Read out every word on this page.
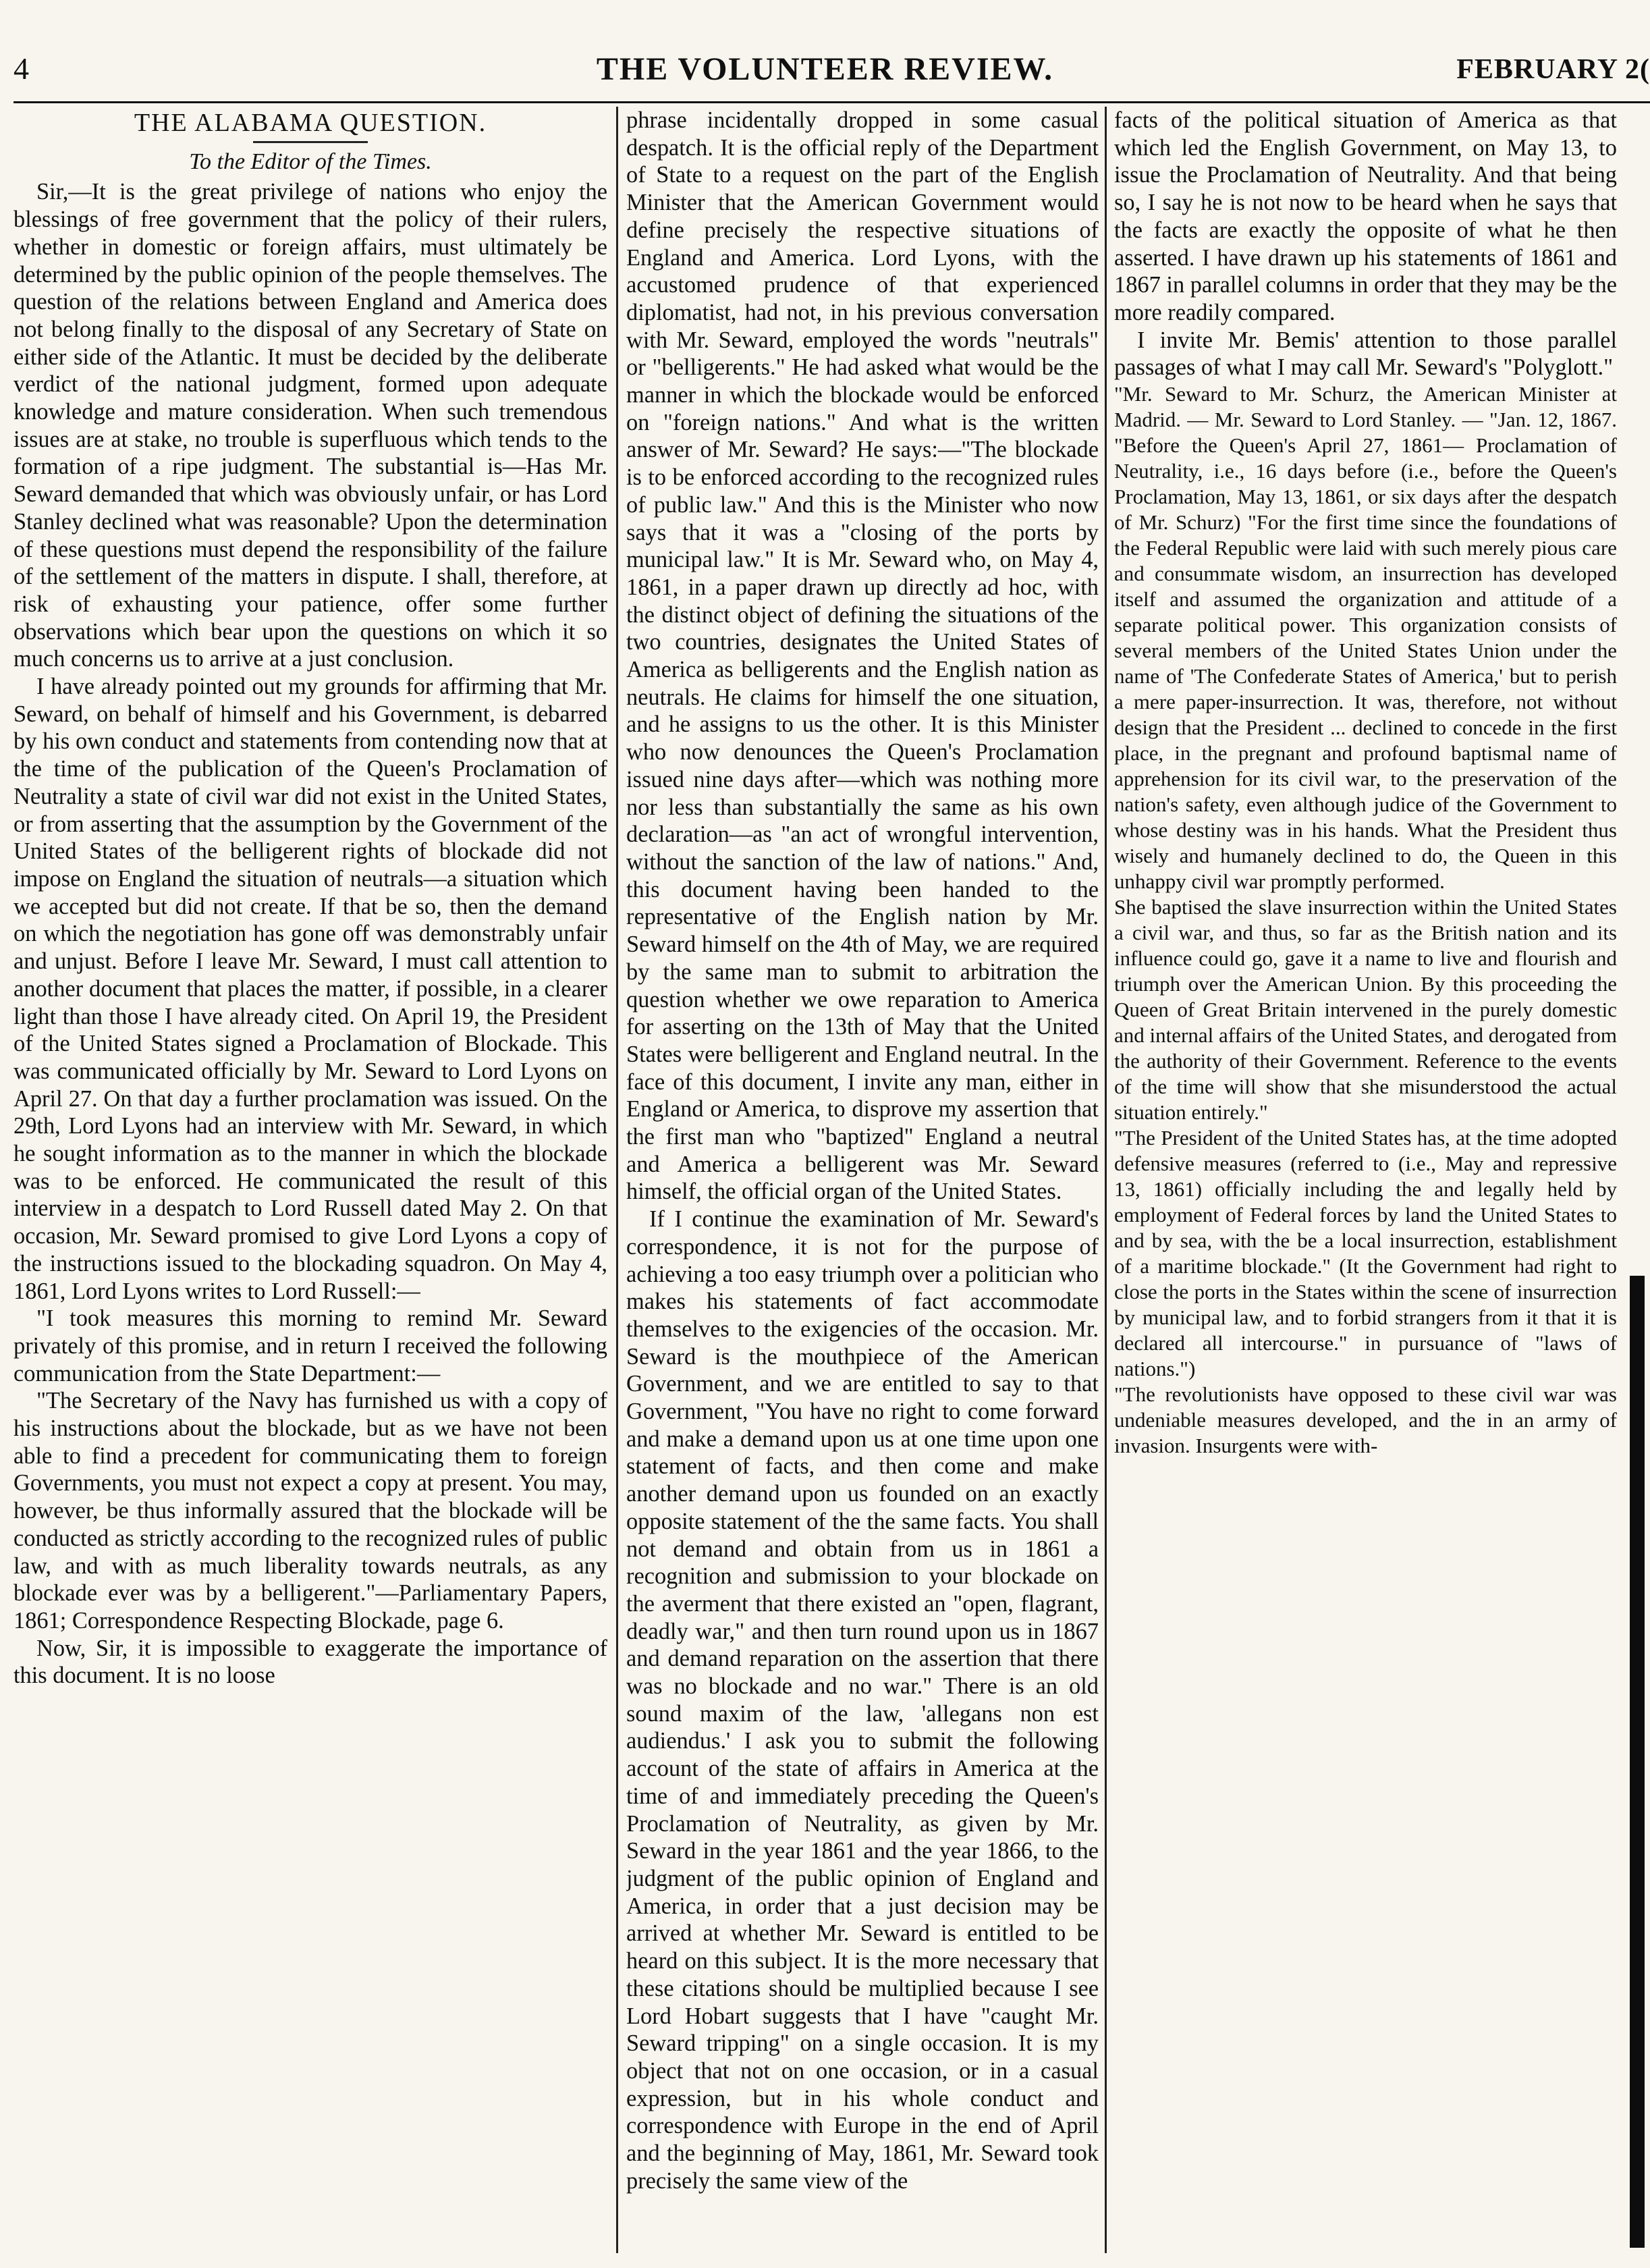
4	THE VOLUNTEER REVIEW.	FEBRUARY 2(
THE ALABAMA QUESTION.
To the Editor of the Times.

Sir,—It is the great privilege of nations who enjoy the blessings of free government that the policy of their rulers, whether in domestic or foreign affairs, must ultimately be determined by the public opinion of the people themselves. The question of the relations between England and America does not belong finally to the disposal of any Secretary of State on either side of the Atlantic. It must be decided by the deliberate verdict of the national judgment, formed upon adequate knowledge and mature consideration. When such tremendous issues are at stake, no trouble is superfluous which tends to the formation of a ripe judgment. The substantial is—Has Mr. Seward demanded that which was obviously unfair, or has Lord Stanley declined what was reasonable? Upon the determination of these questions must depend the responsibility of the failure of the settlement of the matters in dispute. I shall, therefore, at risk of exhausting your patience, offer some further observations which bear upon the questions on which it so much concerns us to arrive at a just conclusion.

I have already pointed out my grounds for affirming that Mr. Seward, on behalf of himself and his Government, is debarred by his own conduct and statements from contending now that at the time of the publication of the Queen's Proclamation of Neutrality a state of civil war did not exist in the United States, or from asserting that the assumption by the Government of the United States of the belligerent rights of blockade did not impose on England the situation of neutrals—a situation which we accepted but did not create. If that be so, then the demand on which the negotiation has gone off was demonstrably unfair and unjust. Before I leave Mr. Seward, I must call attention to another document that places the matter, if possible, in a clearer light than those I have already cited. On April 19, the President of the United States signed a Proclamation of Blockade. This was communicated officially by Mr. Seward to Lord Lyons on April 27. On that day a further proclamation was issued. On the 29th, Lord Lyons had an interview with Mr. Seward, in which he sought information as to the manner in which the blockade was to be enforced. He communicated the result of this interview in a despatch to Lord Russell dated May 2. On that occasion, Mr. Seward promised to give Lord Lyons a copy of the instructions issued to the blockading squadron. On May 4, 1861, Lord Lyons writes to Lord Russell:—

"I took measures this morning to remind Mr. Seward privately of this promise, and in return I received the following communication from the State Department:—

"The Secretary of the Navy has furnished us with a copy of his instructions about the blockade, but as we have not been able to find a precedent for communicating them to foreign Governments, you must not expect a copy at present. You may, however, be thus informally assured that the blockade will be conducted as strictly according to the recognized rules of public law, and with as much liberality towards neutrals, as any blockade ever was by a belligerent."—Parliamentary Papers, 1861; Correspondence Respecting Blockade, page 6.

Now, Sir, it is impossible to exaggerate the importance of this document. It is no loose

phrase incidentally dropped in some casual despatch. It is the official reply of the Department of State to a request on the part of the English Minister that the American Government would define precisely the respective situations of England and America. Lord Lyons, with the accustomed prudence of that experienced diplomatist, had not, in his previous conversation with Mr. Seward, employed the words "neutrals" or "belligerents." He had asked what would be the manner in which the blockade would be enforced on "foreign nations." And what is the written answer of Mr. Seward? He says:—"The blockade is to be enforced according to the recognized rules of public law." And this is the Minister who now says that it was a "closing of the ports by municipal law." It is Mr. Seward who, on May 4, 1861, in a paper drawn up directly ad hoc, with the distinct object of defining the situations of the two countries, designates the United States of America as belligerents and the English nation as neutrals. He claims for himself the one situation, and he assigns to us the other. It is this Minister who now denounces the Queen's Proclamation issued nine days after—which was nothing more nor less than substantially the same as his own declaration—as "an act of wrongful intervention, without the sanction of the law of nations." And, this document having been handed to the representative of the English nation by Mr. Seward himself on the 4th of May, we are required by the same man to submit to arbitration the question whether we owe reparation to America for asserting on the 13th of May that the United States were belligerent and England neutral. In the face of this document, I invite any man, either in England or America, to disprove my assertion that the first man who "baptized" England a neutral and America a belligerent was Mr. Seward himself, the official organ of the United States.

If I continue the examination of Mr. Seward's correspondence, it is not for the purpose of achieving a too easy triumph over a politician who makes his statements of fact accommodate themselves to the exigencies of the occasion. Mr. Seward is the mouthpiece of the American Government, and we are entitled to say to that Government, "You have no right to come forward and make a demand upon us at one time upon one statement of facts, and then come and make another demand upon us founded on an exactly opposite statement of the the same facts. You shall not demand and obtain from us in 1861 a recognition and submission to your blockade on the averment that there existed an "open, flagrant, deadly war," and then turn round upon us in 1867 and demand reparation on the assertion that there was no blockade and no war." There is an old sound maxim of the law, 'allegans non est audiendus.' I ask you to submit the following account of the state of affairs in America at the time of and immediately preceding the Queen's Proclamation of Neutrality, as given by Mr. Seward in the year 1861 and the year 1866, to the judgment of the public opinion of England and America, in order that a just decision may be arrived at whether Mr. Seward is entitled to be heard on this subject. It is the more necessary that these citations should be multiplied because I see Lord Hobart suggests that I have "caught Mr. Seward tripping" on a single occasion. It is my object that not on one occasion, or in a casual expression, but in his whole conduct and correspondence with Europe in the end of April and the beginning of May, 1861, Mr. Seward took precisely the same view of the

facts of the political situation of America as that which led the English Government, on May 13, to issue the Proclamation of Neutrality. And that being so, I say he is not now to be heard when he says that the facts are exactly the opposite of what he then asserted. I have drawn up his statements of 1861 and 1867 in parallel columns in order that they may be the more readily compared.

I invite Mr. Bemis' attention to those parallel passages of what I may call Mr. Seward's "Polyglott."

"Mr. Seward to Mr. Schurz, the American Minister at Madrid. — Mr. Seward to Lord Stanley. — "Jan. 12, 1867. "Before the Queen's April 27, 1861— Proclamation of Neutrality, i.e., 16 days before (i.e., before the Queen's Proclamation, May 13, 1861, or six days after the despatch of Mr. Schurz) "For the first time since the foundations of the Federal Republic were laid with such merely pious care and consummate wisdom, an insurrection has developed itself and assumed the organization and attitude of a separate political power. This organization consists of several members of the United States Union under the name of 'The Confederate States of America,' but to perish a mere paper-insurrection. It was, therefore, not without design that the President ... declined to concede in the first place, in the pregnant and profound baptismal name of apprehension for its civil war, to the preservation of the nation's safety, even although judice of the Government to whose destiny was in his hands. What the President thus wisely and humanely declined to do, the Queen in this unhappy civil war promptly performed.

She baptised the slave insurrection within the United States a civil war, and thus, so far as the British nation and its influence could go, gave it a name to live and flourish and triumph over the American Union. By this proceeding the Queen of Great Britain intervened in the purely domestic and internal affairs of the United States, and derogated from the authority of their Government. Reference to the events of the time will show that she misunderstood the actual situation entirely."

"The President of the United States has, at the time adopted defensive measures (referred to (i.e., May and repressive 13, 1861) officially including the and legally held by employment of Federal forces by land the United States to and by sea, with the be a local insurrection, establishment of a maritime blockade." (It the Government had right to close the ports in the States within the scene of insurrection by municipal law, and to forbid strangers from it that it is declared all intercourse." in pursuance of "laws of nations.")

"The revolutionists have opposed to these civil war was undeniable measures developed, and the in an army of invasion. Insurgents were with-
